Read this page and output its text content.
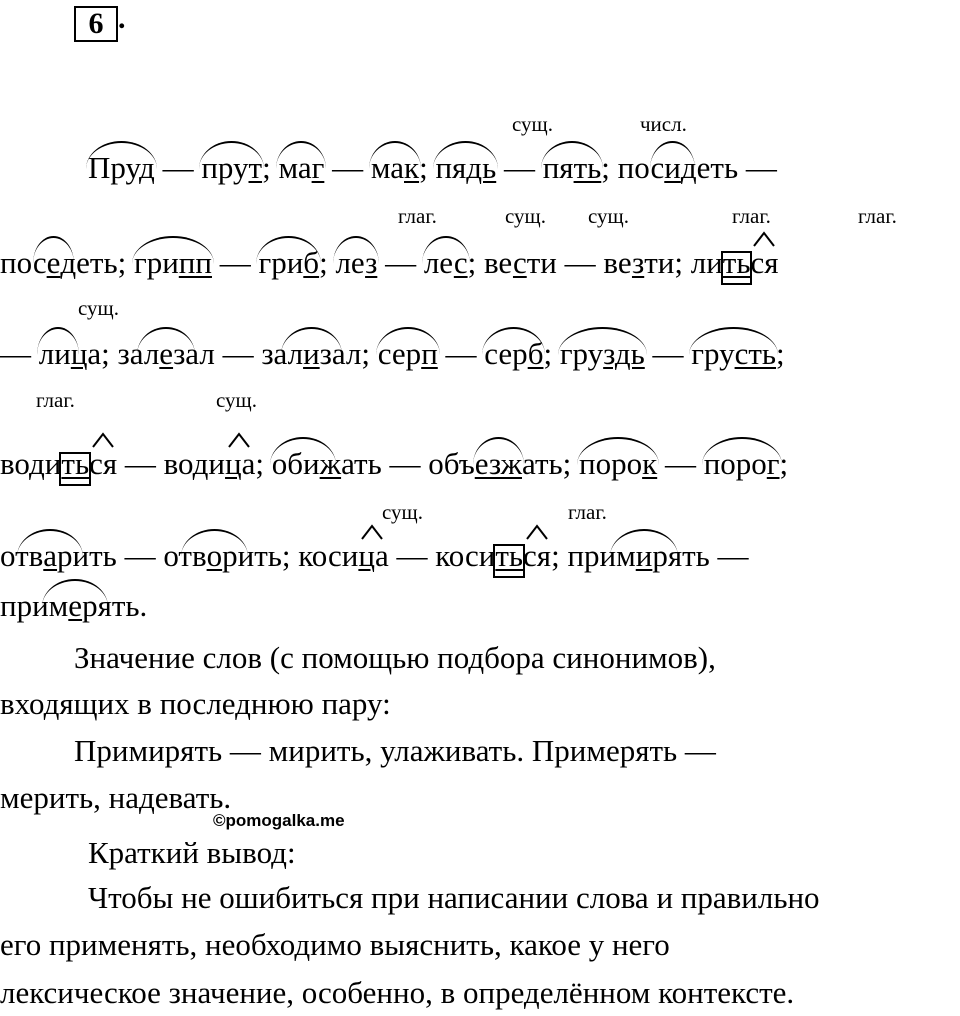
6 .
сущ.	числ.
Пруд —
прут;
маг —
мак;
пядь —
пять; пос
идеть —
глаг.	сущ. сущ.	глаг.	глаг.
пос
едеть;
грипп —
гриб;
лез —
лес; вести — везти; ли
ть
ся
сущ.
—
лица; зал
езал — зал
изал;
серп —
серб;
груздь —
грусть;
глаг.	сущ.
води
ть
ся — води
ца;
обижать — объ
езжать;
порок —
порог;
сущ.	глаг.
отв
арить — отв
орить; коси
ца — коси
ть
ся; прим
ирять —
прим
ерять.
Значение слов (с помощью подбора синонимов),
входящих в последнюю пару:
Примирять — мирить, улаживать. Примерять —
мерить, надевать.
©pomogalka.me
Краткий вывод:
Чтобы не ошибиться при написании слова и правильно
его применять, необходимо выяснить, какое у него
лексическое значение, особенно, в определённом контексте.
